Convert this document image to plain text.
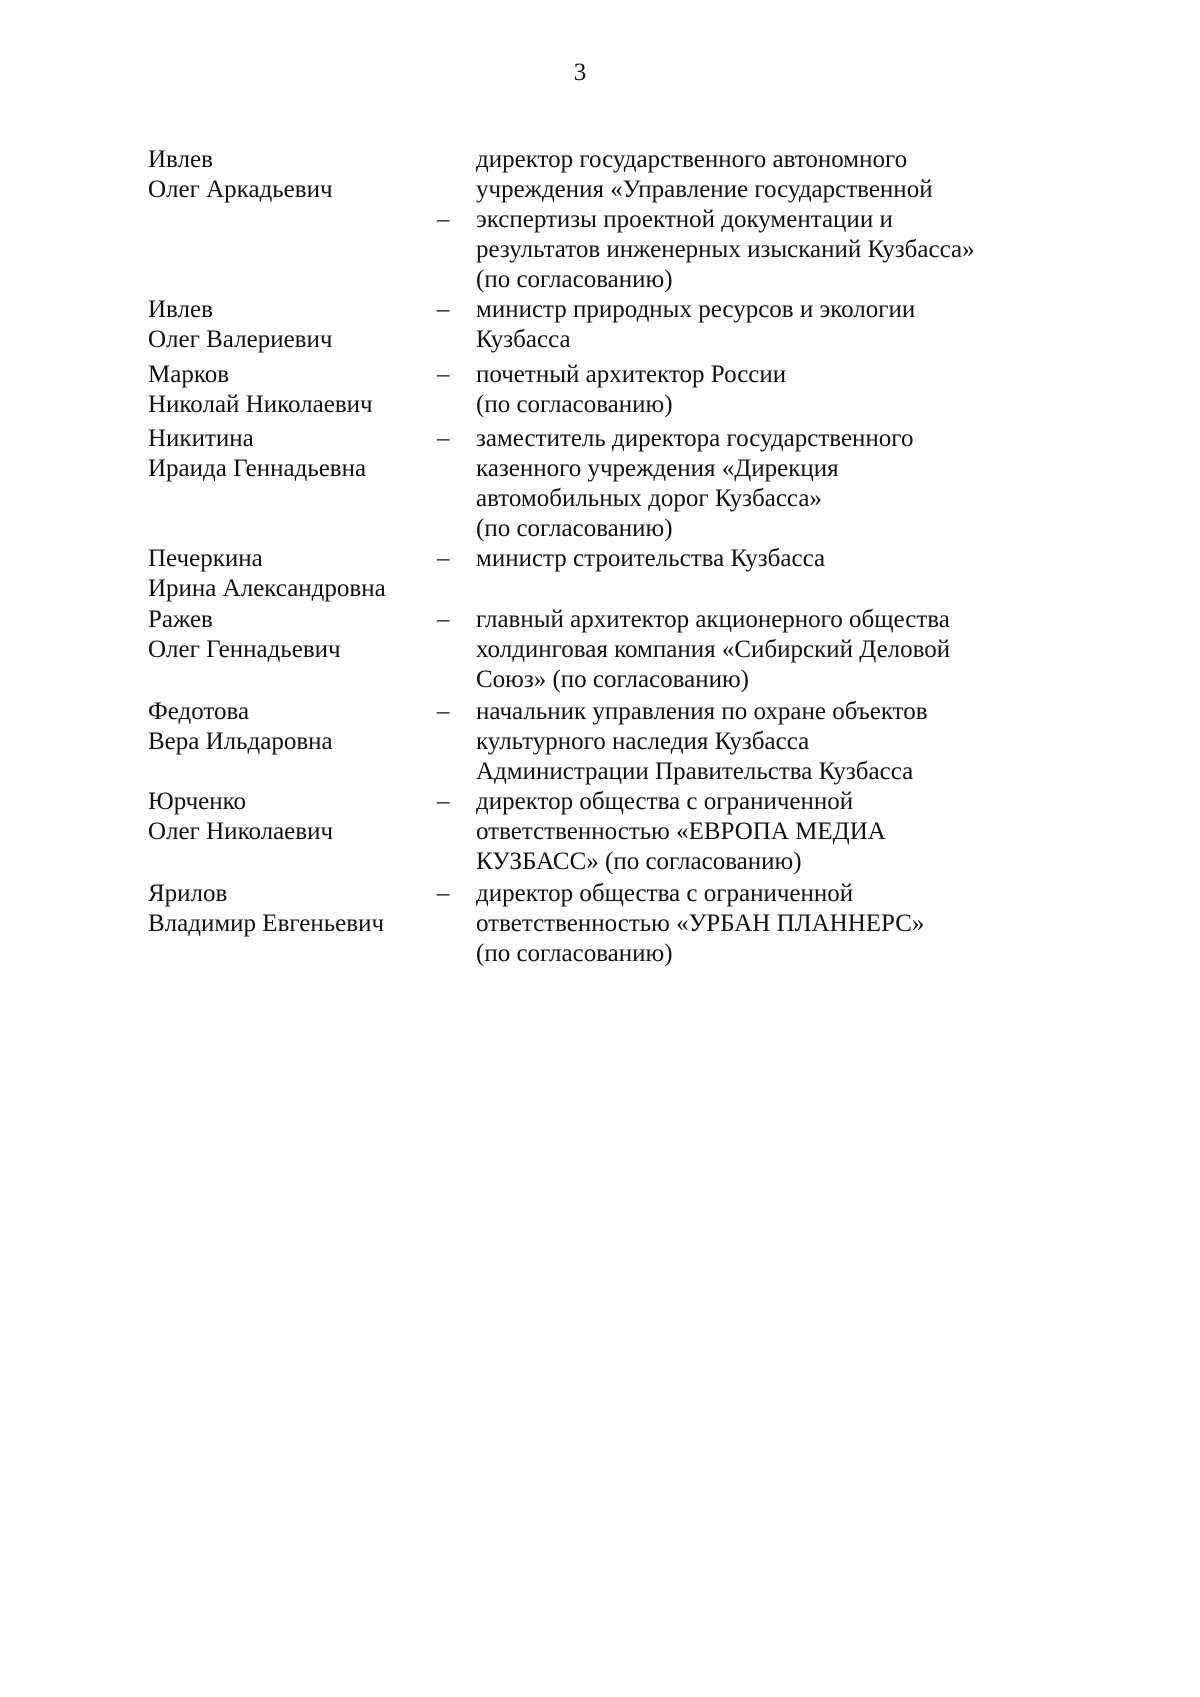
3
Ивлев
Олег Аркадьевич
–
директор государственного автономного
учреждения «Управление государственной
экспертизы проектной документации и
результатов инженерных изысканий Кузбасса»
(по согласованию)
Ивлев
Олег Валериевич
– министр природных ресурсов и экологии
Кузбасса
Марков
Николай Николаевич
– почетный архитектор России
(по согласованию)
Никитина
Ираида Геннадьевна
– заместитель директора государственного
казенного учреждения «Дирекция
автомобильных дорог Кузбасса»
(по согласованию)
Печеркина
Ирина Александровна
– министр строительства Кузбасса
Ражев
Олег Геннадьевич
– главный архитектор акционерного общества
холдинговая компания «Сибирский Деловой
Союз» (по согласованию)
Федотова
Вера Ильдаровна
– начальник управления по охране объектов
культурного наследия Кузбасса
Администрации Правительства Кузбасса
Юрченко
Олег Николаевич
– директор общества с ограниченной
ответственностью «ЕВРОПА МЕДИА
КУЗБАСС» (по согласованию)
Ярилов
Владимир Евгеньевич
– директор общества с ограниченной
ответственностью «УРБАН ПЛАННЕРС»
(по согласованию)
